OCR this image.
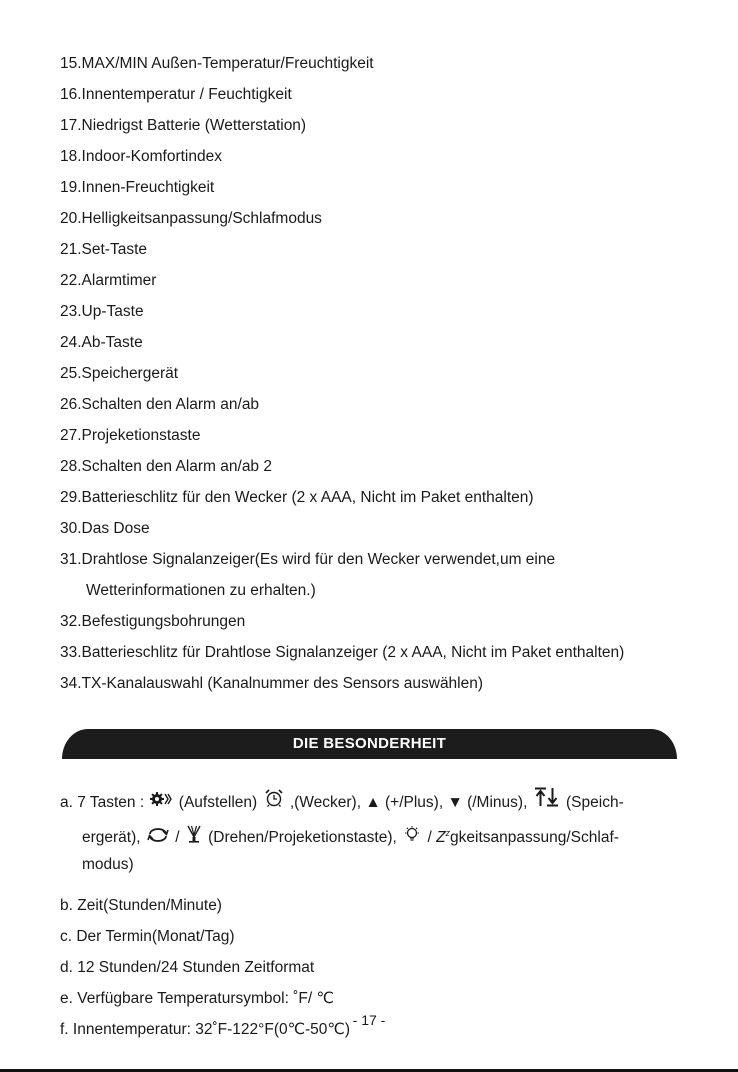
15.MAX/MIN Außen-Temperatur/Freuchtigkeit
16.Innentemperatur / Feuchtigkeit
17.Niedrigst Batterie (Wetterstation)
18.Indoor-Komfortindex
19.Innen-Freuchtigkeit
20.Helligkeitsanpassung/Schlafmodus
21.Set-Taste
22.Alarmtimer
23.Up-Taste
24.Ab-Taste
25.Speichergerät
26.Schalten den Alarm an/ab
27.Projeketionstaste
28.Schalten den Alarm an/ab 2
29.Batterieschlitz für den Wecker (2 x AAA, Nicht im Paket enthalten)
30.Das Dose
31.Drahtlose Signalanzeiger(Es wird für den Wecker verwendet,um eine
Wetterinformationen zu erhalten.)
32.Befestigungsbohrungen
33.Batterieschlitz für Drahtlose Signalanzeiger (2 x AAA, Nicht im Paket enthalten)
34.TX-Kanalauswahl (Kanalnummer des Sensors auswählen)
DIE BESONDERHEIT
a. 7 Tasten :  (Aufstellen)  ,(Wecker), ▲ (+/Plus), ▼ (/Minus), (Speich-
ergerät),  /  (Drehen/Projeketionstaste),  / $Z^zgkeitsanpassung/Schlaf-$
modus)
b. Zeit(Stunden/Minute)
c. Der Termin(Monat/Tag)
d. 12 Stunden/24 Stunden Zeitformat
e. Verfügbare Temperatursymbol: ˚F/ ℃
f. Innentemperatur: 32˚F-122°F(0℃-50℃)
- 17 -
